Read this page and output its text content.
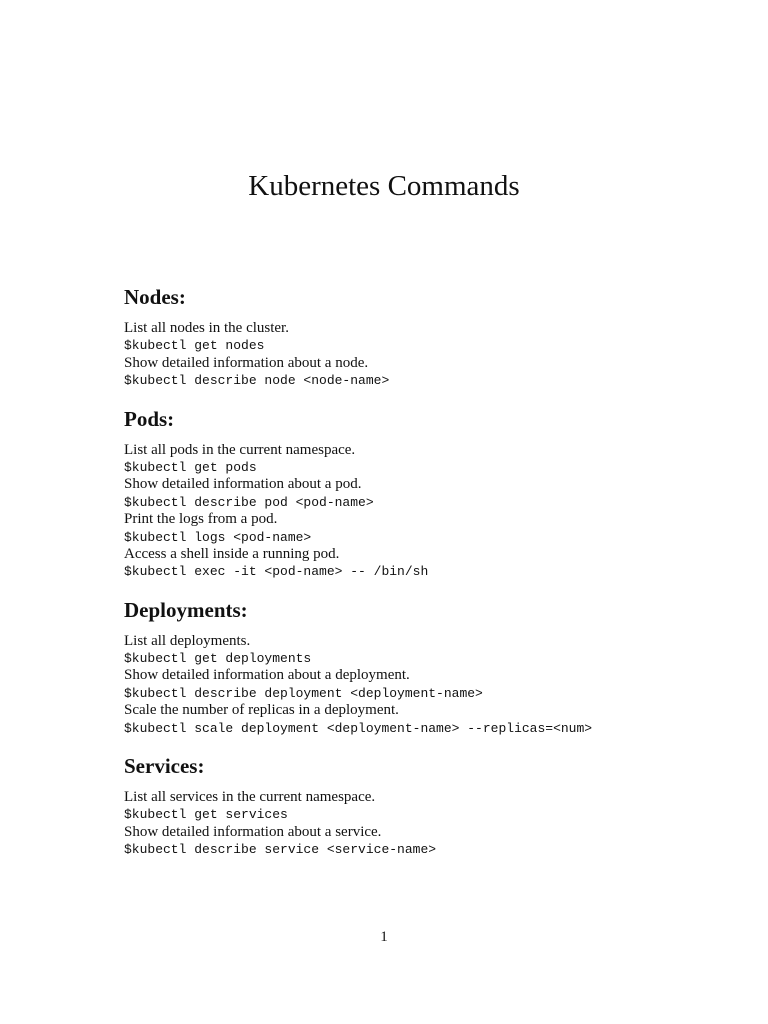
Kubernetes Commands
Nodes:
List all nodes in the cluster.
$kubectl get nodes
Show detailed information about a node.
$kubectl describe node <node-name>
Pods:
List all pods in the current namespace.
$kubectl get pods
Show detailed information about a pod.
$kubectl describe pod <pod-name>
Print the logs from a pod.
$kubectl logs <pod-name>
Access a shell inside a running pod.
$kubectl exec -it <pod-name> -- /bin/sh
Deployments:
List all deployments.
$kubectl get deployments
Show detailed information about a deployment.
$kubectl describe deployment <deployment-name>
Scale the number of replicas in a deployment.
$kubectl scale deployment <deployment-name> --replicas=<num>
Services:
List all services in the current namespace.
$kubectl get services
Show detailed information about a service.
$kubectl describe service <service-name>
1
